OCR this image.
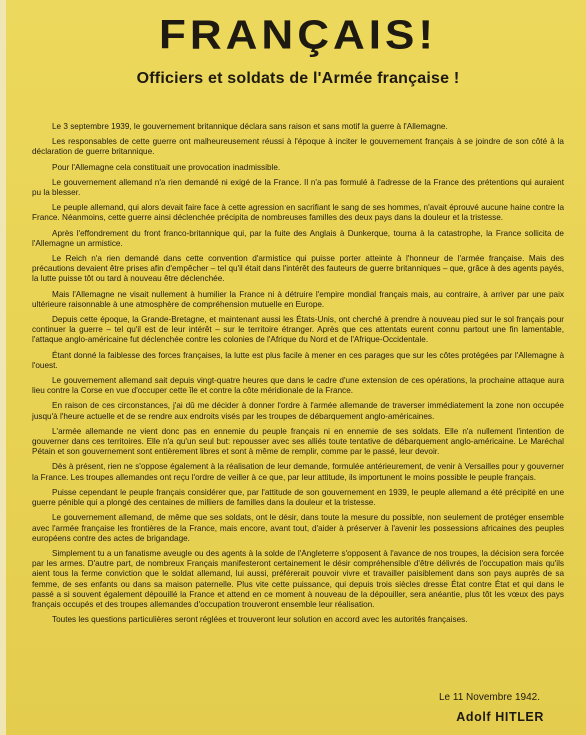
FRANÇAIS!
Officiers et soldats de l'Armée française !

Le 3 septembre 1939, le gouvernement britannique déclara sans raison et sans motif la guerre à l'Allemagne.

Les responsables de cette guerre ont malheureusement réussi à l'époque à inciter le gouvernement français à se joindre de son côté à la déclaration de guerre britannique.

Pour l'Allemagne cela constituait une provocation inadmissible.

Le gouvernement allemand n'a rien demandé ni exigé de la France. Il n'a pas formulé à l'adresse de la France des prétentions qui auraient pu la blesser.

Le peuple allemand, qui alors devait faire face à cette agression en sacrifiant le sang de ses hommes, n'avait éprouvé aucune haine contre la France. Néanmoins, cette guerre ainsi déclenchée précipita de nombreuses familles des deux pays dans la douleur et la tristesse.

Après l'effondrement du front franco-britannique qui, par la fuite des Anglais à Dunkerque, tourna à la catastrophe, la France sollicita de l'Allemagne un armistice.

Le Reich n'a rien demandé dans cette convention d'armistice qui puisse porter atteinte à l'honneur de l'armée française. Mais des précautions devaient être prises afin d'empêcher – tel qu'il était dans l'intérêt des fauteurs de guerre britanniques – que, grâce à des agents payés, la lutte puisse tôt ou tard à nouveau être déclenchée.

Mais l'Allemagne ne visait nullement à humilier la France ni à détruire l'empire mondial français mais, au contraire, à arriver par une paix ultérieure raisonnable à une atmosphère de compréhension mutuelle en Europe.

Depuis cette époque, la Grande-Bretagne, et maintenant aussi les États-Unis, ont cherché à prendre à nouveau pied sur le sol français pour continuer la guerre – tel qu'il est de leur intérêt – sur le territoire étranger. Après que ces attentats eurent connu partout une fin lamentable, l'attaque anglo-américaine fut déclenchée contre les colonies de l'Afrique du Nord et de l'Afrique-Occidentale.

Étant donné la faiblesse des forces françaises, la lutte est plus facile à mener en ces parages que sur les côtes protégées par l'Allemagne à l'ouest.

Le gouvernement allemand sait depuis vingt-quatre heures que dans le cadre d'une extension de ces opérations, la prochaine attaque aura lieu contre la Corse en vue d'occuper cette île et contre la côte méridionale de la France.

En raison de ces circonstances, j'ai dû me décider à donner l'ordre à l'armée allemande de traverser immédiatement la zone non occupée jusqu'à l'heure actuelle et de se rendre aux endroits visés par les troupes de débarquement anglo-américaines.

L'armée allemande ne vient donc pas en ennemie du peuple français ni en ennemie de ses soldats. Elle n'a nullement l'intention de gouverner dans ces territoires. Elle n'a qu'un seul but: repousser avec ses alliés toute tentative de débarquement anglo-américaine. Le Maréchal Pétain et son gouvernement sont entièrement libres et sont à même de remplir, comme par le passé, leur devoir.

Dès à présent, rien ne s'oppose également à la réalisation de leur demande, formulée antérieurement, de venir à Versailles pour y gouverner la France. Les troupes allemandes ont reçu l'ordre de veiller à ce que, par leur attitude, ils importunent le moins possible le peuple français.

Puisse cependant le peuple français considérer que, par l'attitude de son gouvernement en 1939, le peuple allemand a été précipité en une guerre pénible qui a plongé des centaines de milliers de familles dans la douleur et la tristesse.

Le gouvernement allemand, de même que ses soldats, ont le désir, dans toute la mesure du possible, non seulement de protéger ensemble avec l'armée française les frontières de la France, mais encore, avant tout, d'aider à préserver à l'avenir les possessions africaines des peuples européens contre des actes de brigandage.

Simplement tu a un fanatisme aveugle ou des agents à la solde de l'Angleterre s'opposent à l'avance de nos troupes, la décision sera forcée par les armes. D'autre part, de nombreux Français manifesteront certainement le désir compréhensible d'être délivrés de l'occupation mais qu'ils aient tous la ferme conviction que le soldat allemand, lui aussi, préférerait pouvoir vivre et travailler paisiblement dans son pays auprès de sa femme, de ses enfants ou dans sa maison paternelle. Plus vite cette puissance, qui depuis trois siècles dresse État contre État et qui dans le passé a si souvent également dépouillé la France et attend en ce moment à nouveau de la dépouiller, sera anéantie, plus tôt les vœux des pays français occupés et des troupes allemandes d'occupation trouveront ensemble leur réalisation.

Toutes les questions particulières seront réglées et trouveront leur solution en accord avec les autorités françaises.

Le 11 Novembre 1942.
Adolf HITLER
